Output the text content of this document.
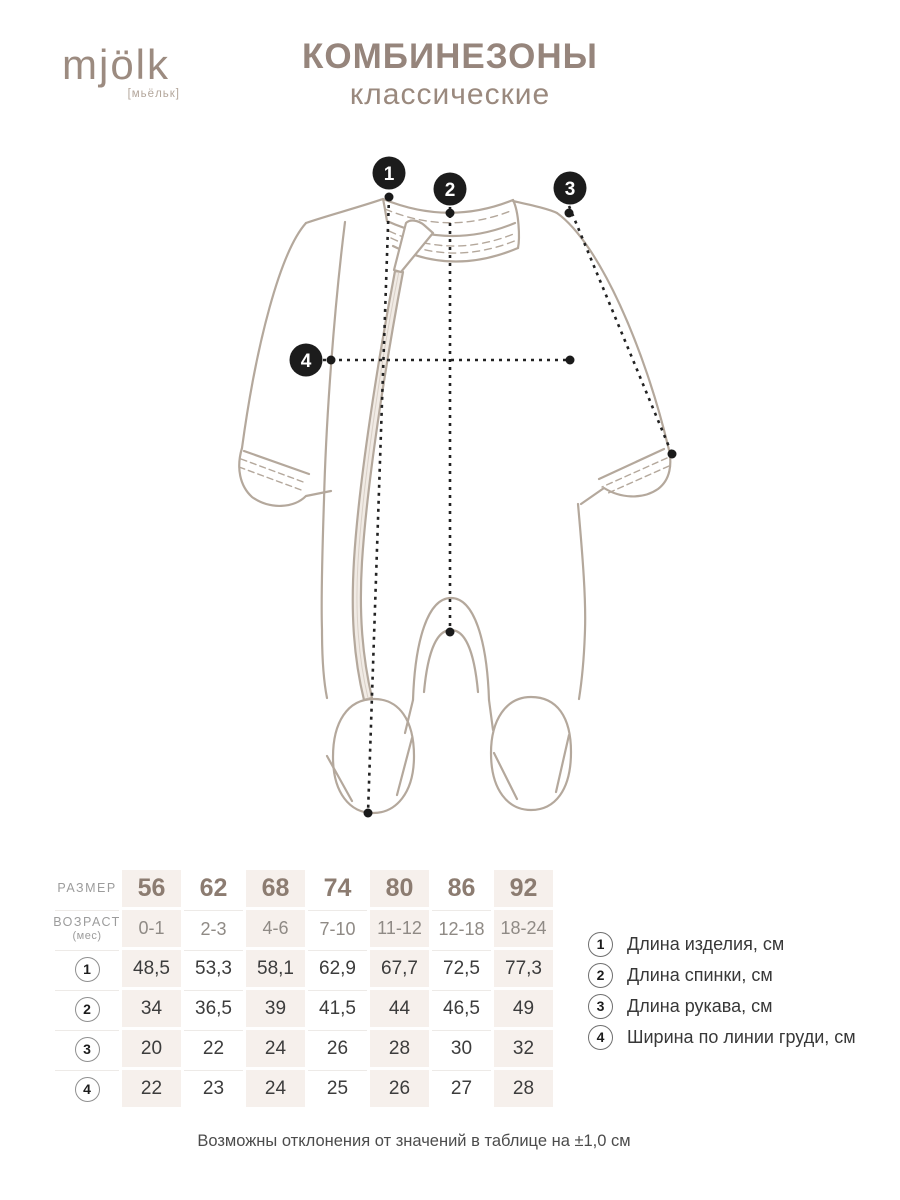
mjölk
[мьёльк]
КОМБИНЕЗОНЫ
классические
1
2	3
4
РАЗМЕР 56 62 68 74 80 86 92
ВОЗРАСТ
(мес)	0-1 2-3 4-6 7-10 11-12 12-18 18-24
1	48,5 53,3 58,1 62,9 67,7 72,5 77,3
2	34 36,5 39 41,5 44 46,5 49
3	20 22 24 26 28 30 32
4	22 23 24 25 26 27 28
1	Длина изделия, см
2	Длина спинки, см
3	Длина рукава, см
4	Ширина по линии груди, см
Возможны отклонения от значений в таблице на ±1,0 см
